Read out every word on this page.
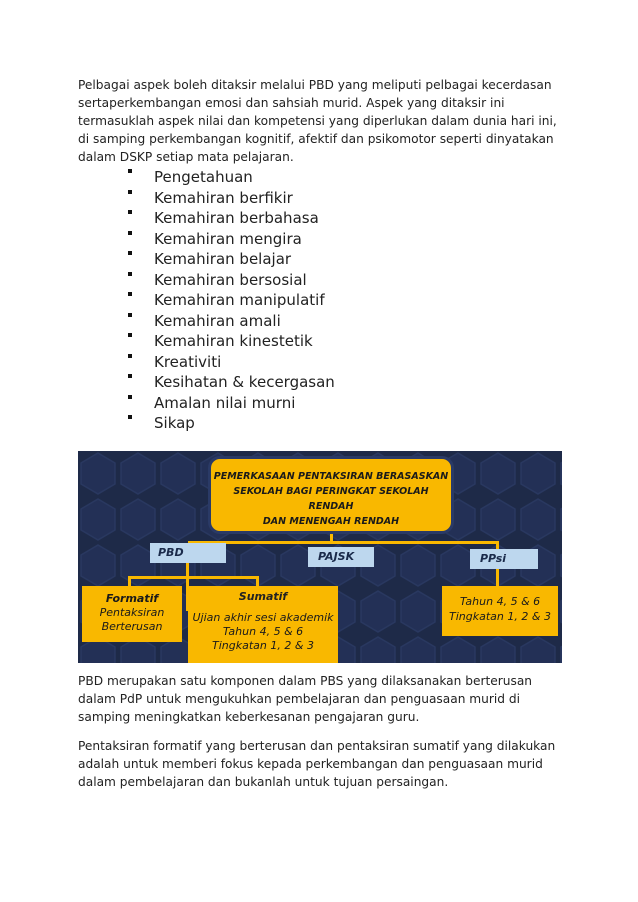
Pelbagai aspek boleh ditaksir melalui PBD yang meliputi pelbagai kecerdasan sertaperkembangan emosi dan sahsiah murid. Aspek yang ditaksir ini termasuklah aspek nilai dan kompetensi yang diperlukan dalam dunia hari ini, di samping perkembangan kognitif, afektif dan psikomotor seperti dinyatakan dalam DSKP setiap mata pelajaran.

Pengetahuan
Kemahiran berfikir
Kemahiran berbahasa
Kemahiran mengira
Kemahiran belajar
Kemahiran bersosial
Kemahiran manipulatif
Kemahiran amali
Kemahiran kinestetik
Kreativiti
Kesihatan & kecergasan
Amalan nilai murni
Sikap
PEMERKASAAN PENTAKSIRAN BERASASKAN
SEKOLAH BAGI PERINGKAT SEKOLAH RENDAH
DAN MENENGAH RENDAH
PBD	PAJSK	PPsi
Formatif
Pentaksiran
Berterusan
Sumatif
Ujian akhir sesi akademik
Tahun 4, 5 & 6
Tingkatan 1, 2 & 3
Tahun 4, 5 & 6
Tingkatan 1, 2 & 3

PBD merupakan satu komponen dalam PBS yang dilaksanakan berterusan dalam PdP untuk mengukuhkan pembelajaran dan penguasaan murid di samping meningkatkan keberkesanan pengajaran guru.

Pentaksiran formatif yang berterusan dan pentaksiran sumatif yang dilakukan adalah untuk memberi fokus kepada perkembangan dan penguasaan murid dalam pembelajaran dan bukanlah untuk tujuan persaingan.
